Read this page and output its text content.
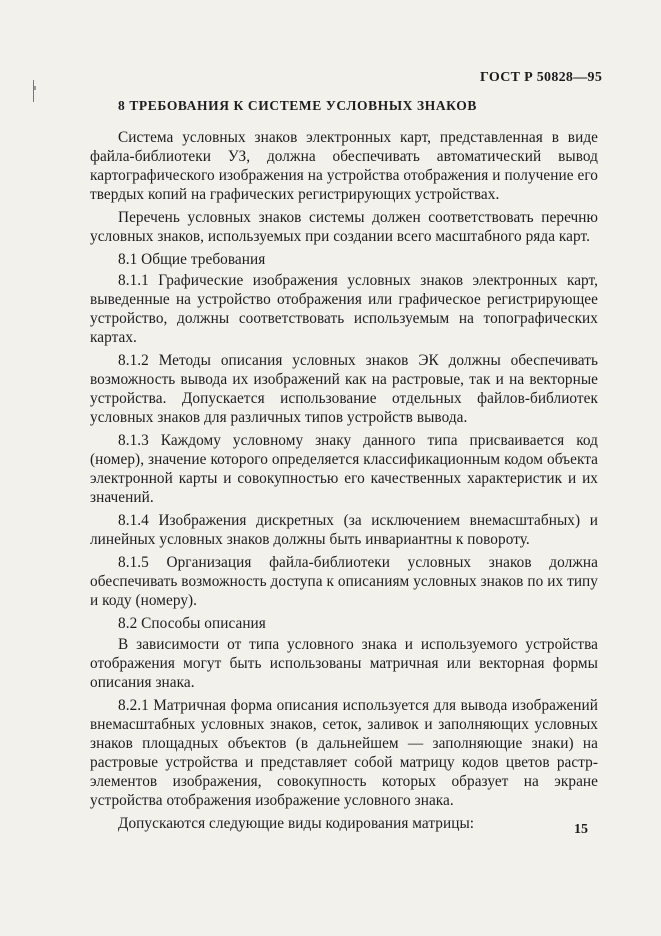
ГОСТ Р 50828—95
8 ТРЕБОВАНИЯ К СИСТЕМЕ УСЛОВНЫХ ЗНАКОВ

Система условных знаков электронных карт, представленная в виде файла-библиотеки УЗ, должна обеспечивать автоматический вывод картографического изображения на устройства отображения и получение его твердых копий на графических регистрирующих устройствах.

Перечень условных знаков системы должен соответствовать перечню условных знаков, используемых при создании всего масштабного ряда карт.

8.1 Общие требования

8.1.1 Графические изображения условных знаков электронных карт, выведенные на устройство отображения или графическое регистрирующее устройство, должны соответствовать используемым на топографических картах.

8.1.2 Методы описания условных знаков ЭК должны обеспечивать возможность вывода их изображений как на растровые, так и на векторные устройства. Допускается использование отдельных файлов-библиотек условных знаков для различных типов устройств вывода.

8.1.3 Каждому условному знаку данного типа присваивается код (номер), значение которого определяется классификационным кодом объекта электронной карты и совокупностью его качественных характеристик и их значений.

8.1.4 Изображения дискретных (за исключением внемасштабных) и линейных условных знаков должны быть инвариантны к повороту.

8.1.5 Организация файла-библиотеки условных знаков должна обеспечивать возможность доступа к описаниям условных знаков по их типу и коду (номеру).

8.2 Способы описания

В зависимости от типа условного знака и используемого устройства отображения могут быть использованы матричная или векторная формы описания знака.

8.2.1 Матричная форма описания используется для вывода изображений внемасштабных условных знаков, сеток, заливок и заполняющих условных знаков площадных объектов (в дальнейшем — заполняющие знаки) на растровые устройства и представляет собой матрицу кодов цветов растр-элементов изображения, совокупность которых образует на экране устройства отображения изображение условного знака.

Допускаются следующие виды кодирования матрицы:	15
